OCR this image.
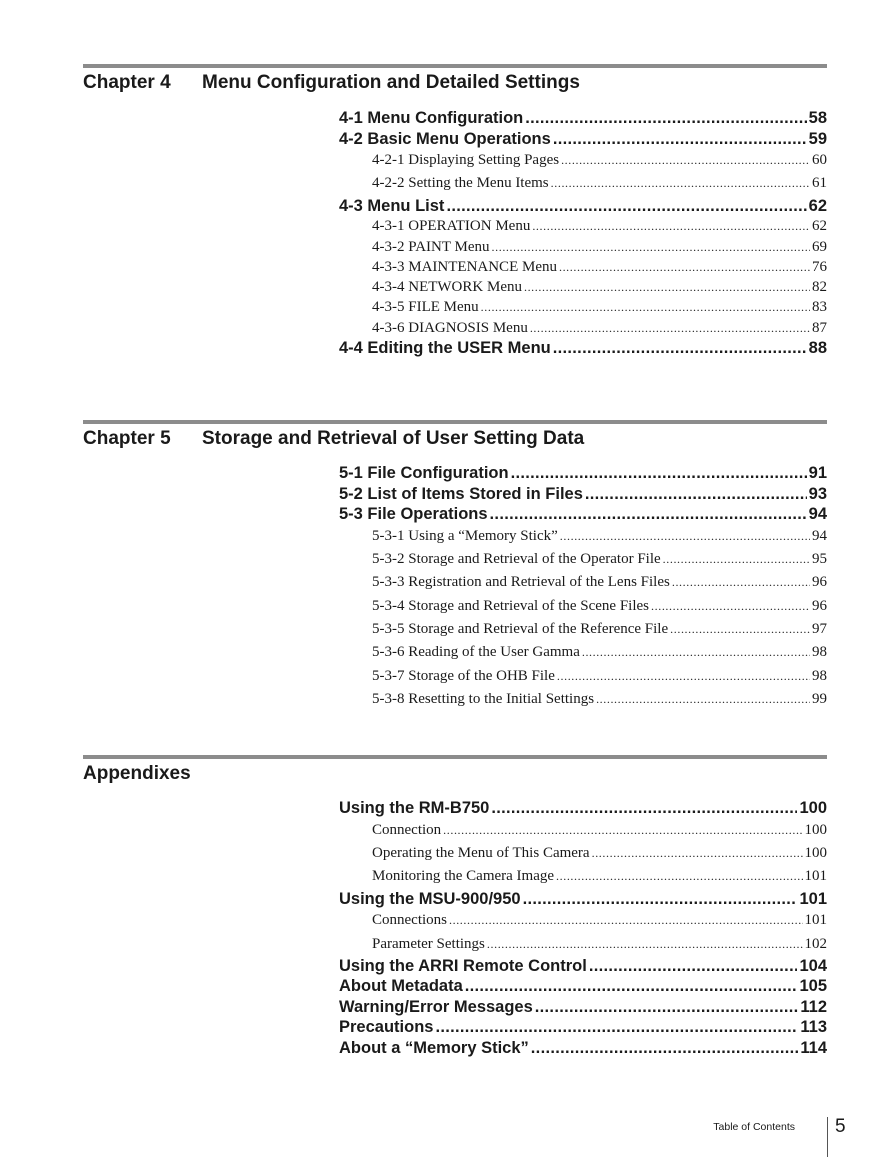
Chapter 4 Menu Configuration and Detailed Settings
4-1 Menu Configuration .....	58
4-2 Basic Menu Operations .....	59
4-2-1 Displaying Setting Pages .....	60
4-2-2 Setting the Menu Items .....	61
4-3 Menu List .....	62
4-3-1 OPERATION Menu .....	62
4-3-2 PAINT Menu .....	69
4-3-3 MAINTENANCE Menu .....	76
4-3-4 NETWORK Menu .....	82
4-3-5 FILE Menu .....	83
4-3-6 DIAGNOSIS Menu .....	87
4-4 Editing the USER Menu .....	88
Chapter 5 Storage and Retrieval of User Setting Data
5-1 File Configuration .....	91
5-2 List of Items Stored in Files .....	93
5-3 File Operations .....	94
5-3-1 Using a “Memory Stick” .....	94
5-3-2 Storage and Retrieval of the Operator File .....	95
5-3-3 Registration and Retrieval of the Lens Files .....	96
5-3-4 Storage and Retrieval of the Scene Files .....	96
5-3-5 Storage and Retrieval of the Reference File .....	97
5-3-6 Reading of the User Gamma .....	98
5-3-7 Storage of the OHB File .....	98
5-3-8 Resetting to the Initial Settings .....	99
Appendixes
Using the RM-B750 .....	100
Connection .....	100
Operating the Menu of This Camera .....	100
Monitoring the Camera Image .....	101
Using the MSU-900/950 .....	101
Connections .....	101
Parameter Settings .....	102
Using the ARRI Remote Control .....	104
About Metadata .....	105
Warning/Error Messages .....	112
Precautions .....	113
About a “Memory Stick” .....	114
Table of Contents 5
